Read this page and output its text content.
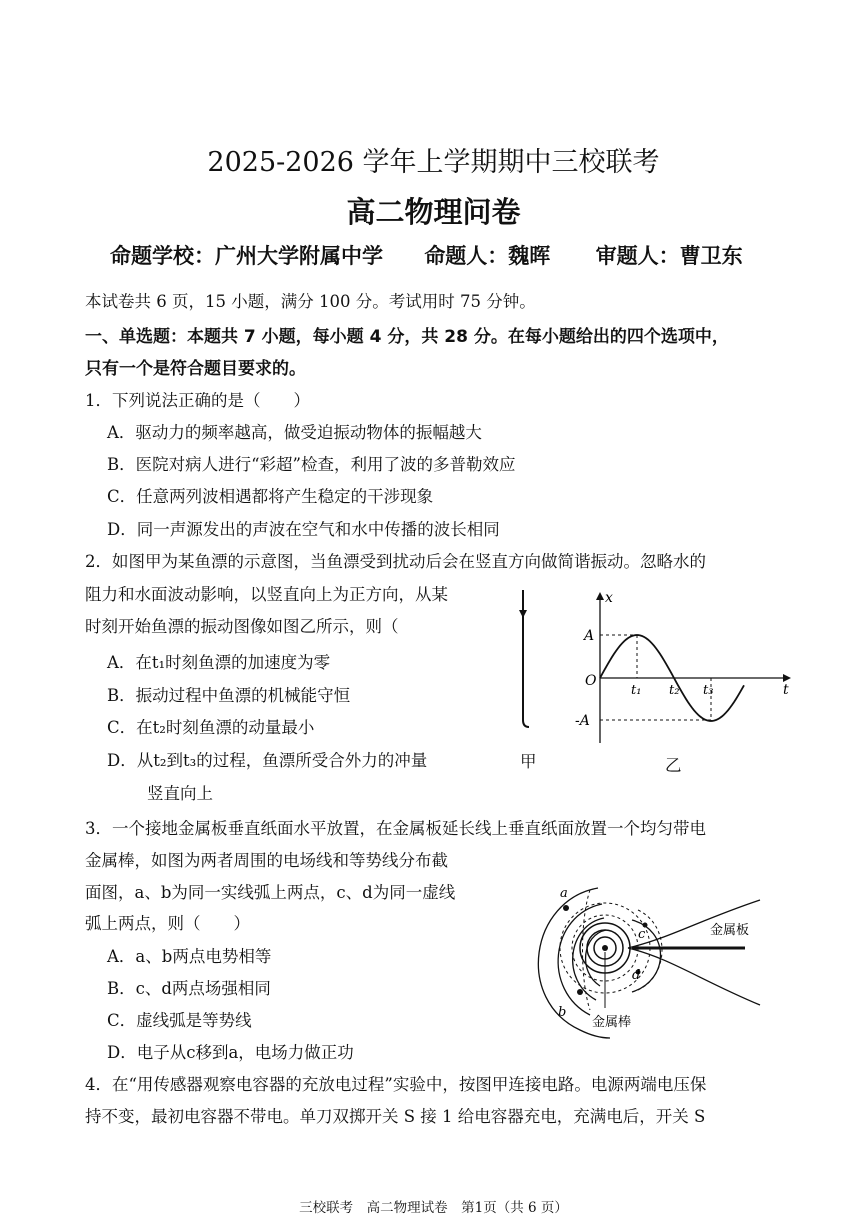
2025-2026 学年上学期期中三校联考
高二物理问卷
命题学校：广州大学附属中学 命题人：魏晖 审题人：曹卫东
本试卷共 6 页，15 小题，满分 100 分。考试用时 75 分钟。
一、单选题：本题共 7 小题，每小题 4 分，共 28 分。在每小题给出的四个选项中，
只有一个是符合题目要求的。
1．下列说法正确的是（　　）
A．驱动力的频率越高，做受迫振动物体的振幅越大
B．医院对病人进行“彩超”检查，利用了波的多普勒效应
C．任意两列波相遇都将产生稳定的干涉现象
D．同一声源发出的声波在空气和水中传播的波长相同
2．如图甲为某鱼漂的示意图，当鱼漂受到扰动后会在竖直方向做简谐振动。忽略水的
阻力和水面波动影响，以竖直向上为正方向，从某
时刻开始鱼漂的振动图像如图乙所示，则（
A．在t₁时刻鱼漂的加速度为零
B．振动过程中鱼漂的机械能守恒
C．在t₂时刻鱼漂的动量最小
D．从t₂到t₃的过程，鱼漂所受合外力的冲量
竖直向上
甲
x
t
O
A
-A
t₁ t₂ t₃
乙
3．一个接地金属板垂直纸面水平放置，在金属板延长线上垂直纸面放置一个均匀带电
金属棒，如图为两者周围的电场线和等势线分布截
面图，a、b为同一实线弧上两点，c、d为同一虚线
弧上两点，则（　　）
A．a、b两点电势相等
B．c、d两点场强相同
C．虚线弧是等势线
D．电子从c移到a，电场力做正功
a
b
c
d
金属板
金属棒
4．在“用传感器观察电容器的充放电过程”实验中，按图甲连接电路。电源两端电压保
持不变，最初电容器不带电。单刀双掷开关 S 接 1 给电容器充电，充满电后，开关 S
三校联考　高二物理试卷　第1页（共 6 页）
